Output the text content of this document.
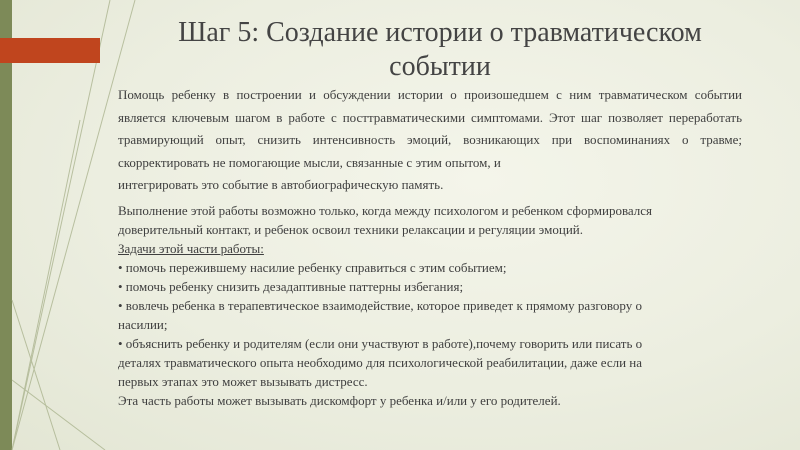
Шаг 5: Создание истории о травматическом
событии

Помощь ребенку в построении и обсуждении истории о произошедшем с ним травматическом событии является ключевым шагом в работе с посттравматическими симптомами. Этот шаг позволяет переработать травмирующий опыт, снизить интенсивность эмоций, возникающих при воспоминаниях о травме; скорректировать не помогающие мысли, связанные с этим опытом, и
интегрировать это событие в автобиографическую память.

Выполнение этой работы возможно только, когда между психологом и ребенком сформировался
доверительный контакт, и ребенок освоил техники релаксации и регуляции эмоций.

Задачи этой части работы:

• помочь пережившему насилие ребенку справиться с этим событием;

• помочь ребенку снизить дезадаптивные паттерны избегания;

• вовлечь ребенка в терапевтическое взаимодействие, которое приведет к прямому разговору о

насилии;

• объяснить ребенку и родителям (если они участвуют в работе),почему говорить или писать о

деталях травматического опыта необходимо для психологической реабилитации, даже если на

первых этапах это может вызывать дистресс.

Эта часть работы может вызывать дискомфорт у ребенка и/или у его родителей.
